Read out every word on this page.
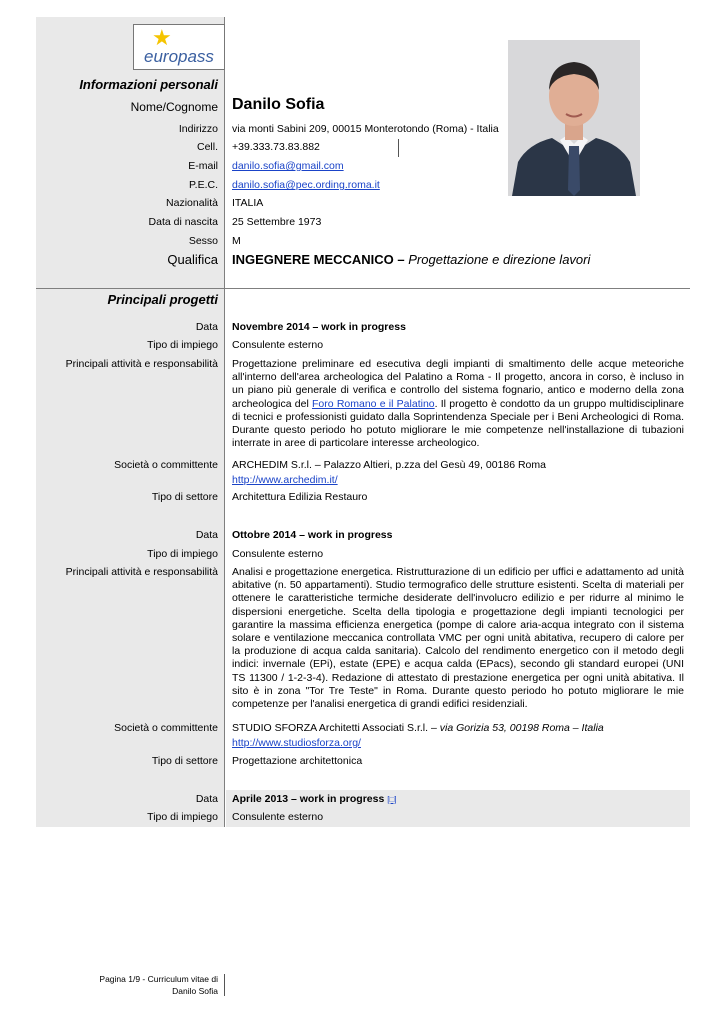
★
europass
Informazioni personali
Nome/Cognome Danilo Sofia
Indirizzo via monti Sabini 209, 00015 Monterotondo (Roma) - Italia
Cell. +39.333.73.83.882
E-mail danilo.sofia@gmail.com
P.E.C. danilo.sofia@pec.ording.roma.it
Nazionalità ITALIA
Data di nascita 25 Settembre 1973
Sesso M
Qualifica INGEGNERE MECCANICO – Progettazione e direzione lavori
Principali progetti
Data Novembre 2014 – work in progress
Tipo di impiego Consulente esterno
Principali attività e responsabilità Progettazione preliminare ed esecutiva degli impianti di smaltimento delle acque meteoriche all'interno dell'area archeologica del Palatino a Roma - Il progetto, ancora in corso, è incluso in un piano più generale di verifica e controllo del sistema fognario, antico e moderno della zona archeologica del Foro Romano e il Palatino. Il progetto è condotto da un gruppo multidisciplinare di tecnici e professionisti guidato dalla Soprintendenza Speciale per i Beni Archeologici di Roma. Durante questo periodo ho potuto migliorare le mie competenze nell'installazione di tubazioni interrate in aree di particolare interesse archeologico.
Società o committente ARCHEDIM S.r.l. – Palazzo Altieri, p.zza del Gesù 49, 00186 Roma
http://www.archedim.it/
Tipo di settore Architettura Edilizia Restauro
Data Ottobre 2014 – work in progress
Tipo di impiego Consulente esterno
Principali attività e responsabilità Analisi e progettazione energetica. Ristrutturazione di un edificio per uffici e adattamento ad unità abitative (n. 50 appartamenti). Studio termografico delle strutture esistenti. Scelta di materiali per ottenere le caratteristiche termiche desiderate dell'involucro edilizio e per ridurre al minimo le dispersioni energetiche. Scelta della tipologia e progettazione degli impianti tecnologici per garantire la massima efficienza energetica (pompe di calore aria-acqua integrato con il sistema solare e ventilazione meccanica controllata VMC per ogni unità abitativa, recupero di calore per la produzione di acqua calda sanitaria). Calcolo del rendimento energetico con il metodo degli indici: invernale (EPi), estate (EPE) e acqua calda (EPacs), secondo gli standard europei (UNI TS 11300 / 1-2-3-4). Redazione di attestato di prestazione energetica per ogni unità abitativa. Il sito è in zona "Tor Tre Teste" in Roma. Durante questo periodo ho potuto migliorare le mie competenze per l'analisi energetica di grandi edifici residenziali.
Società o committente STUDIO SFORZA Architetti Associati S.r.l. – via Gorizia 53, 00198 Roma – Italia
http://www.studiosforza.org/
Tipo di settore Progettazione architettonica
Data Aprile 2013 – work in progress [□]
Tipo di impiego Consulente esterno
Pagina 1/9 - Curriculum vitae di
Danilo Sofia
